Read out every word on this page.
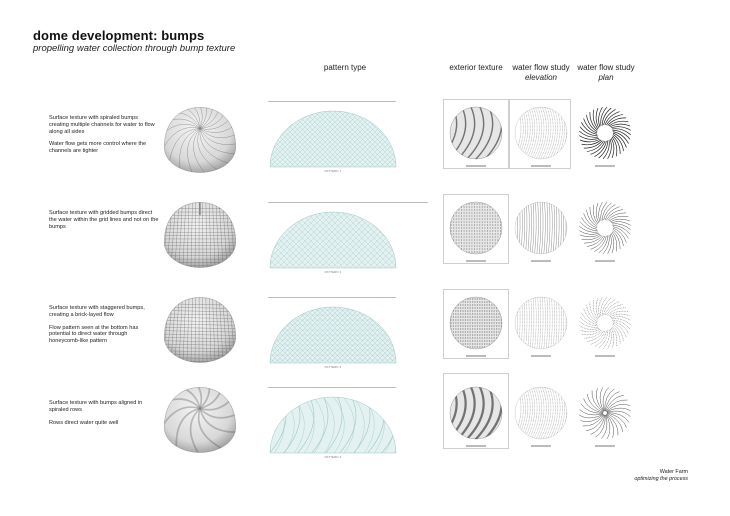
dome development: bumps
propelling water collection through bump texture
pattern type	exterior texture	water flow study
elevation
water flow study
plan

Surface texture with spiraled bumps creating multiple channels for water to flow along all sides

Water flow gets more control where the channels are tighter

PATTERN 1

Surface texture with gridded bumps direct the water within the grid lines and not on the bumps

PATTERN 2

Surface texture with staggered bumps, creating a brick-layed flow

Flow pattern seen at the bottom has potential to direct water through honeycomb-like pattern

PATTERN 3

Surface texture with bumps aligned in spiraled rows

Rows direct water quite well

PATTERN 4
Water Farm
optimizing the process
